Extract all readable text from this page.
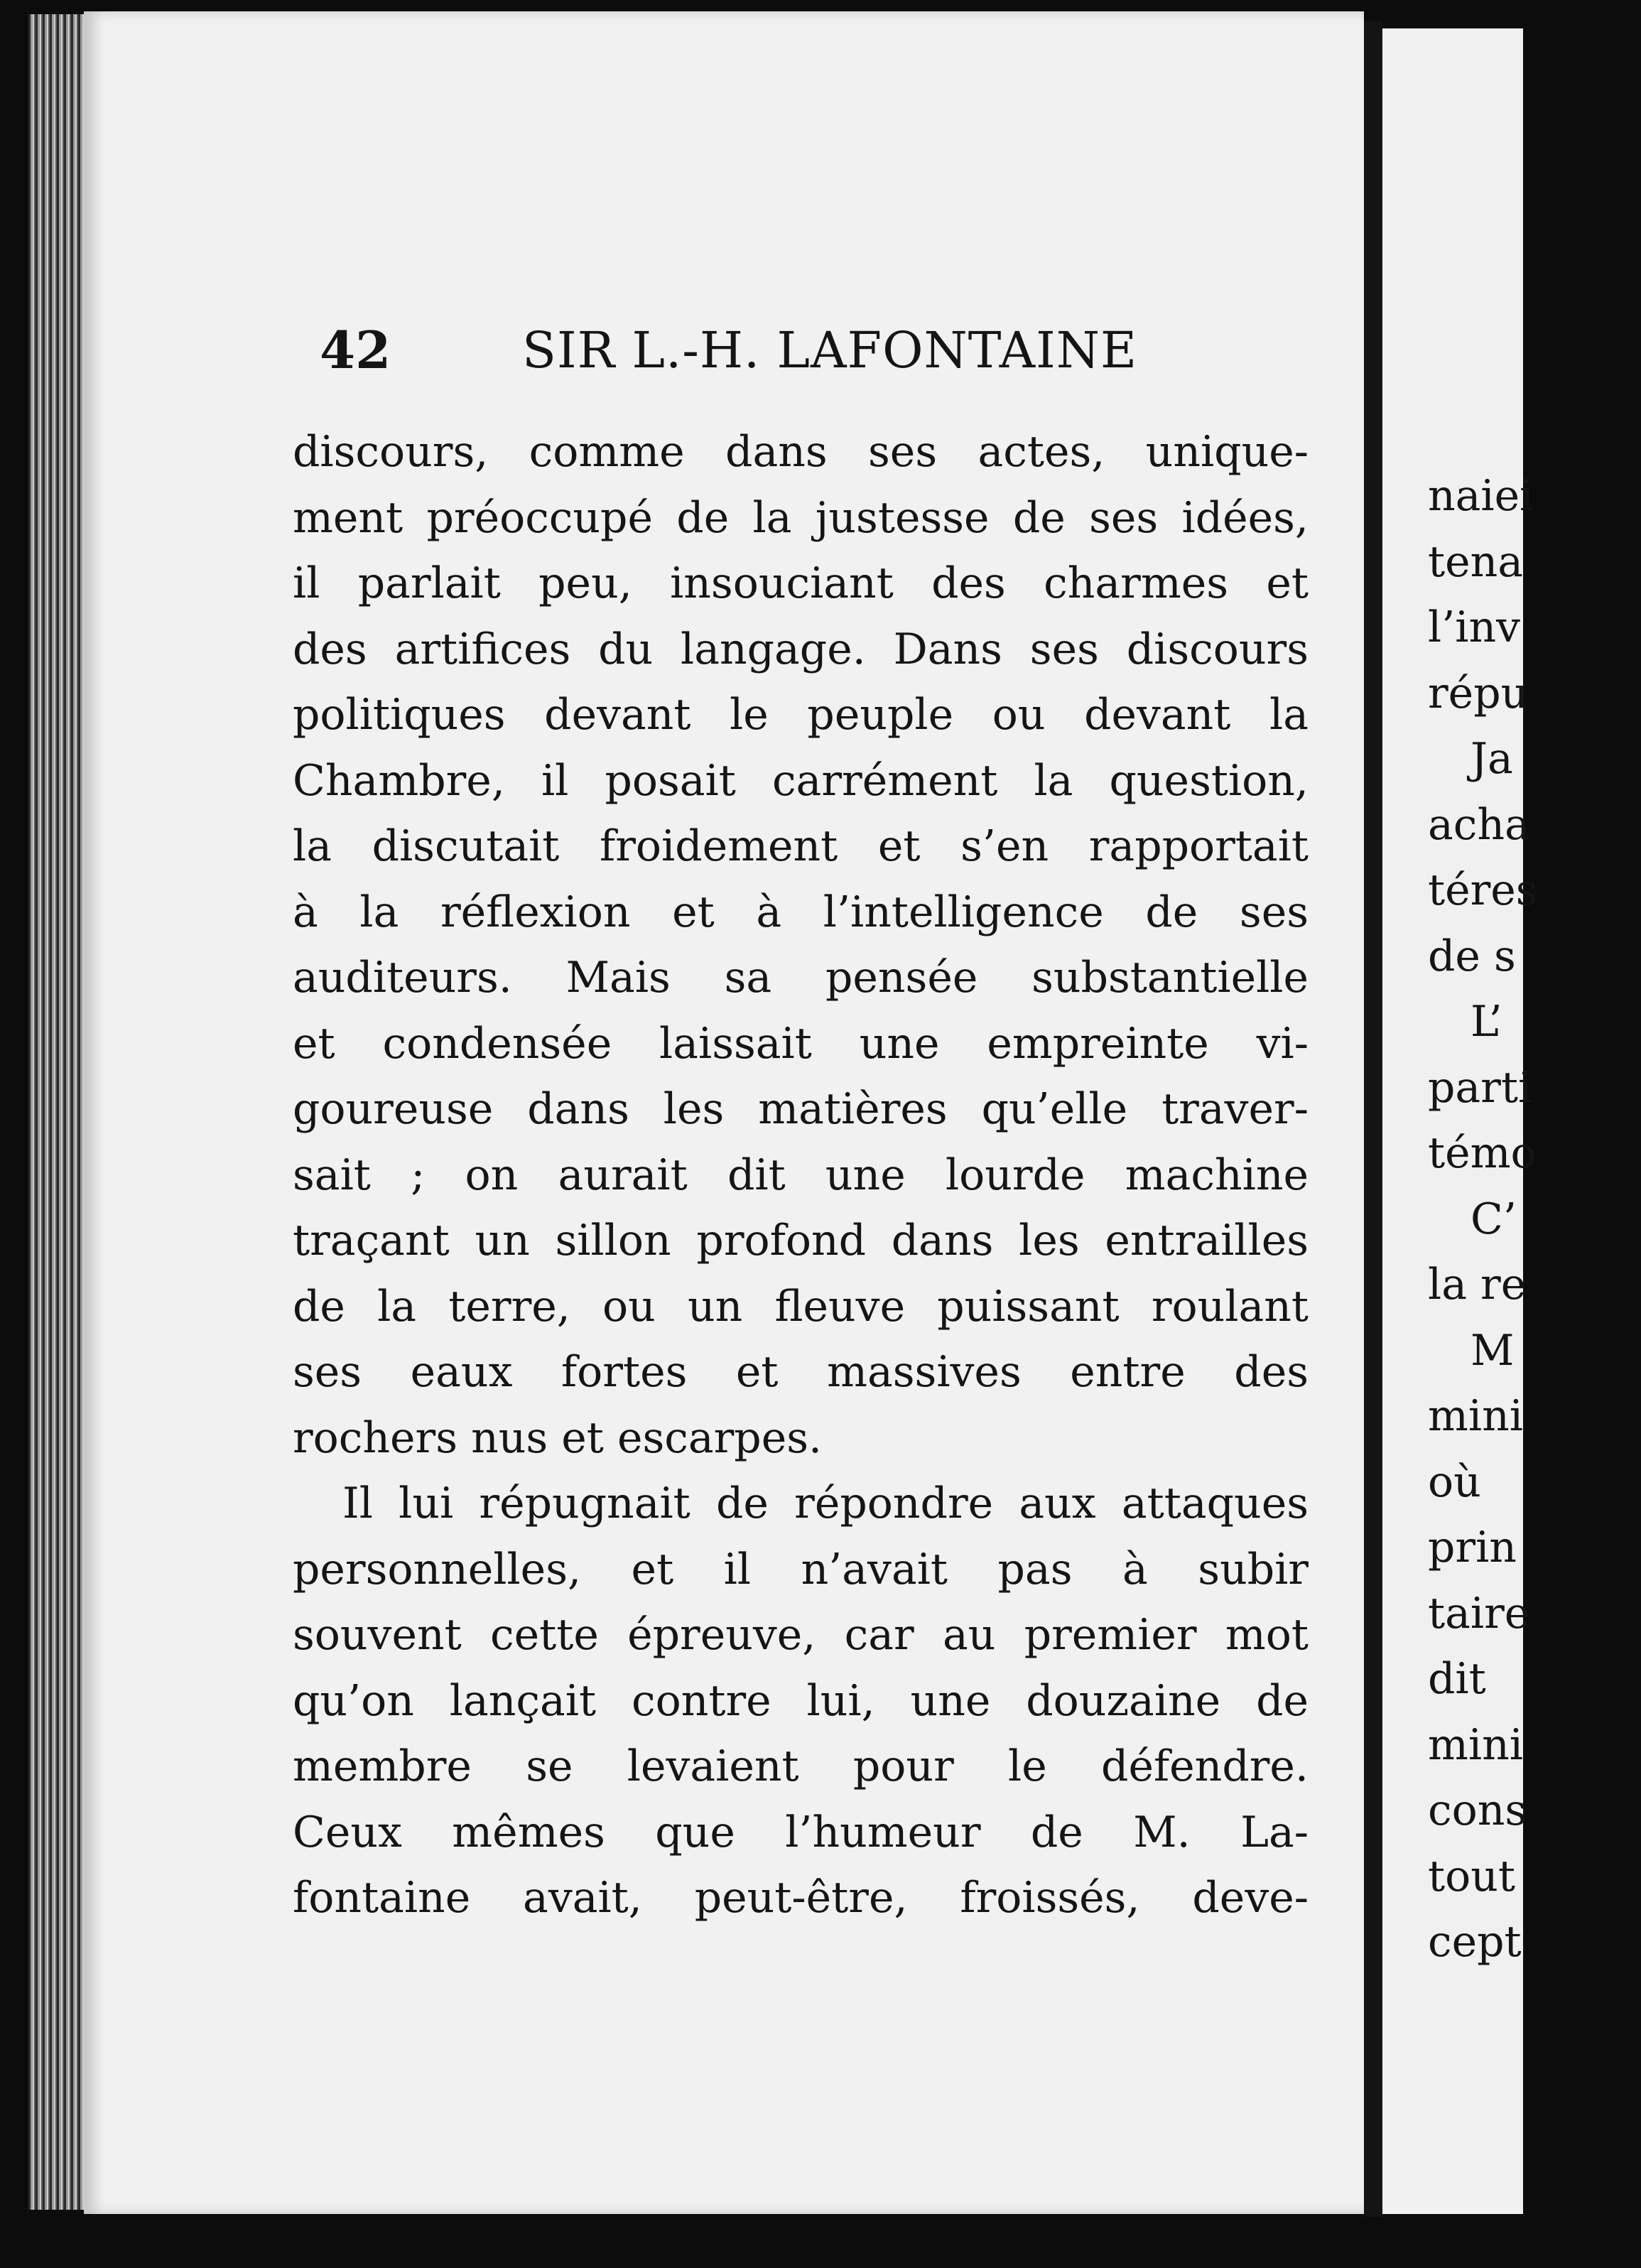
42	SIR L.-H. LAFONTAINE
discours, comme dans ses actes, unique-
ment préoccupé de la justesse de ses idées,
il parlait peu, insouciant des charmes et
des artifices du langage. Dans ses discours
politiques devant le peuple ou devant la
Chambre, il posait carrément la question,
la discutait froidement et s’en rapportait
à la réflexion et à l’intelligence de ses
auditeurs. Mais sa pensée substantielle
et condensée laissait une empreinte vi-
goureuse dans les matières qu’elle traver-
sait ; on aurait dit une lourde machine
traçant un sillon profond dans les entrailles
de la terre, ou un fleuve puissant roulant
ses eaux fortes et massives entre des
rochers nus et escarpes.
Il lui répugnait de répondre aux attaques
personnelles, et il n’avait pas à subir
souvent cette épreuve, car au premier mot
qu’on lançait contre lui, une douzaine de
membre se levaient pour le défendre.
Ceux mêmes que l’humeur de M. La-
fontaine avait, peut-être, froissés, deve-
naiei
tena
l’inv
répu
Ja
acha
téres
de s
L’
parti
témo
C’
la re
M
mini
où
prin
taire
dit
mini
cons
tout
cept
